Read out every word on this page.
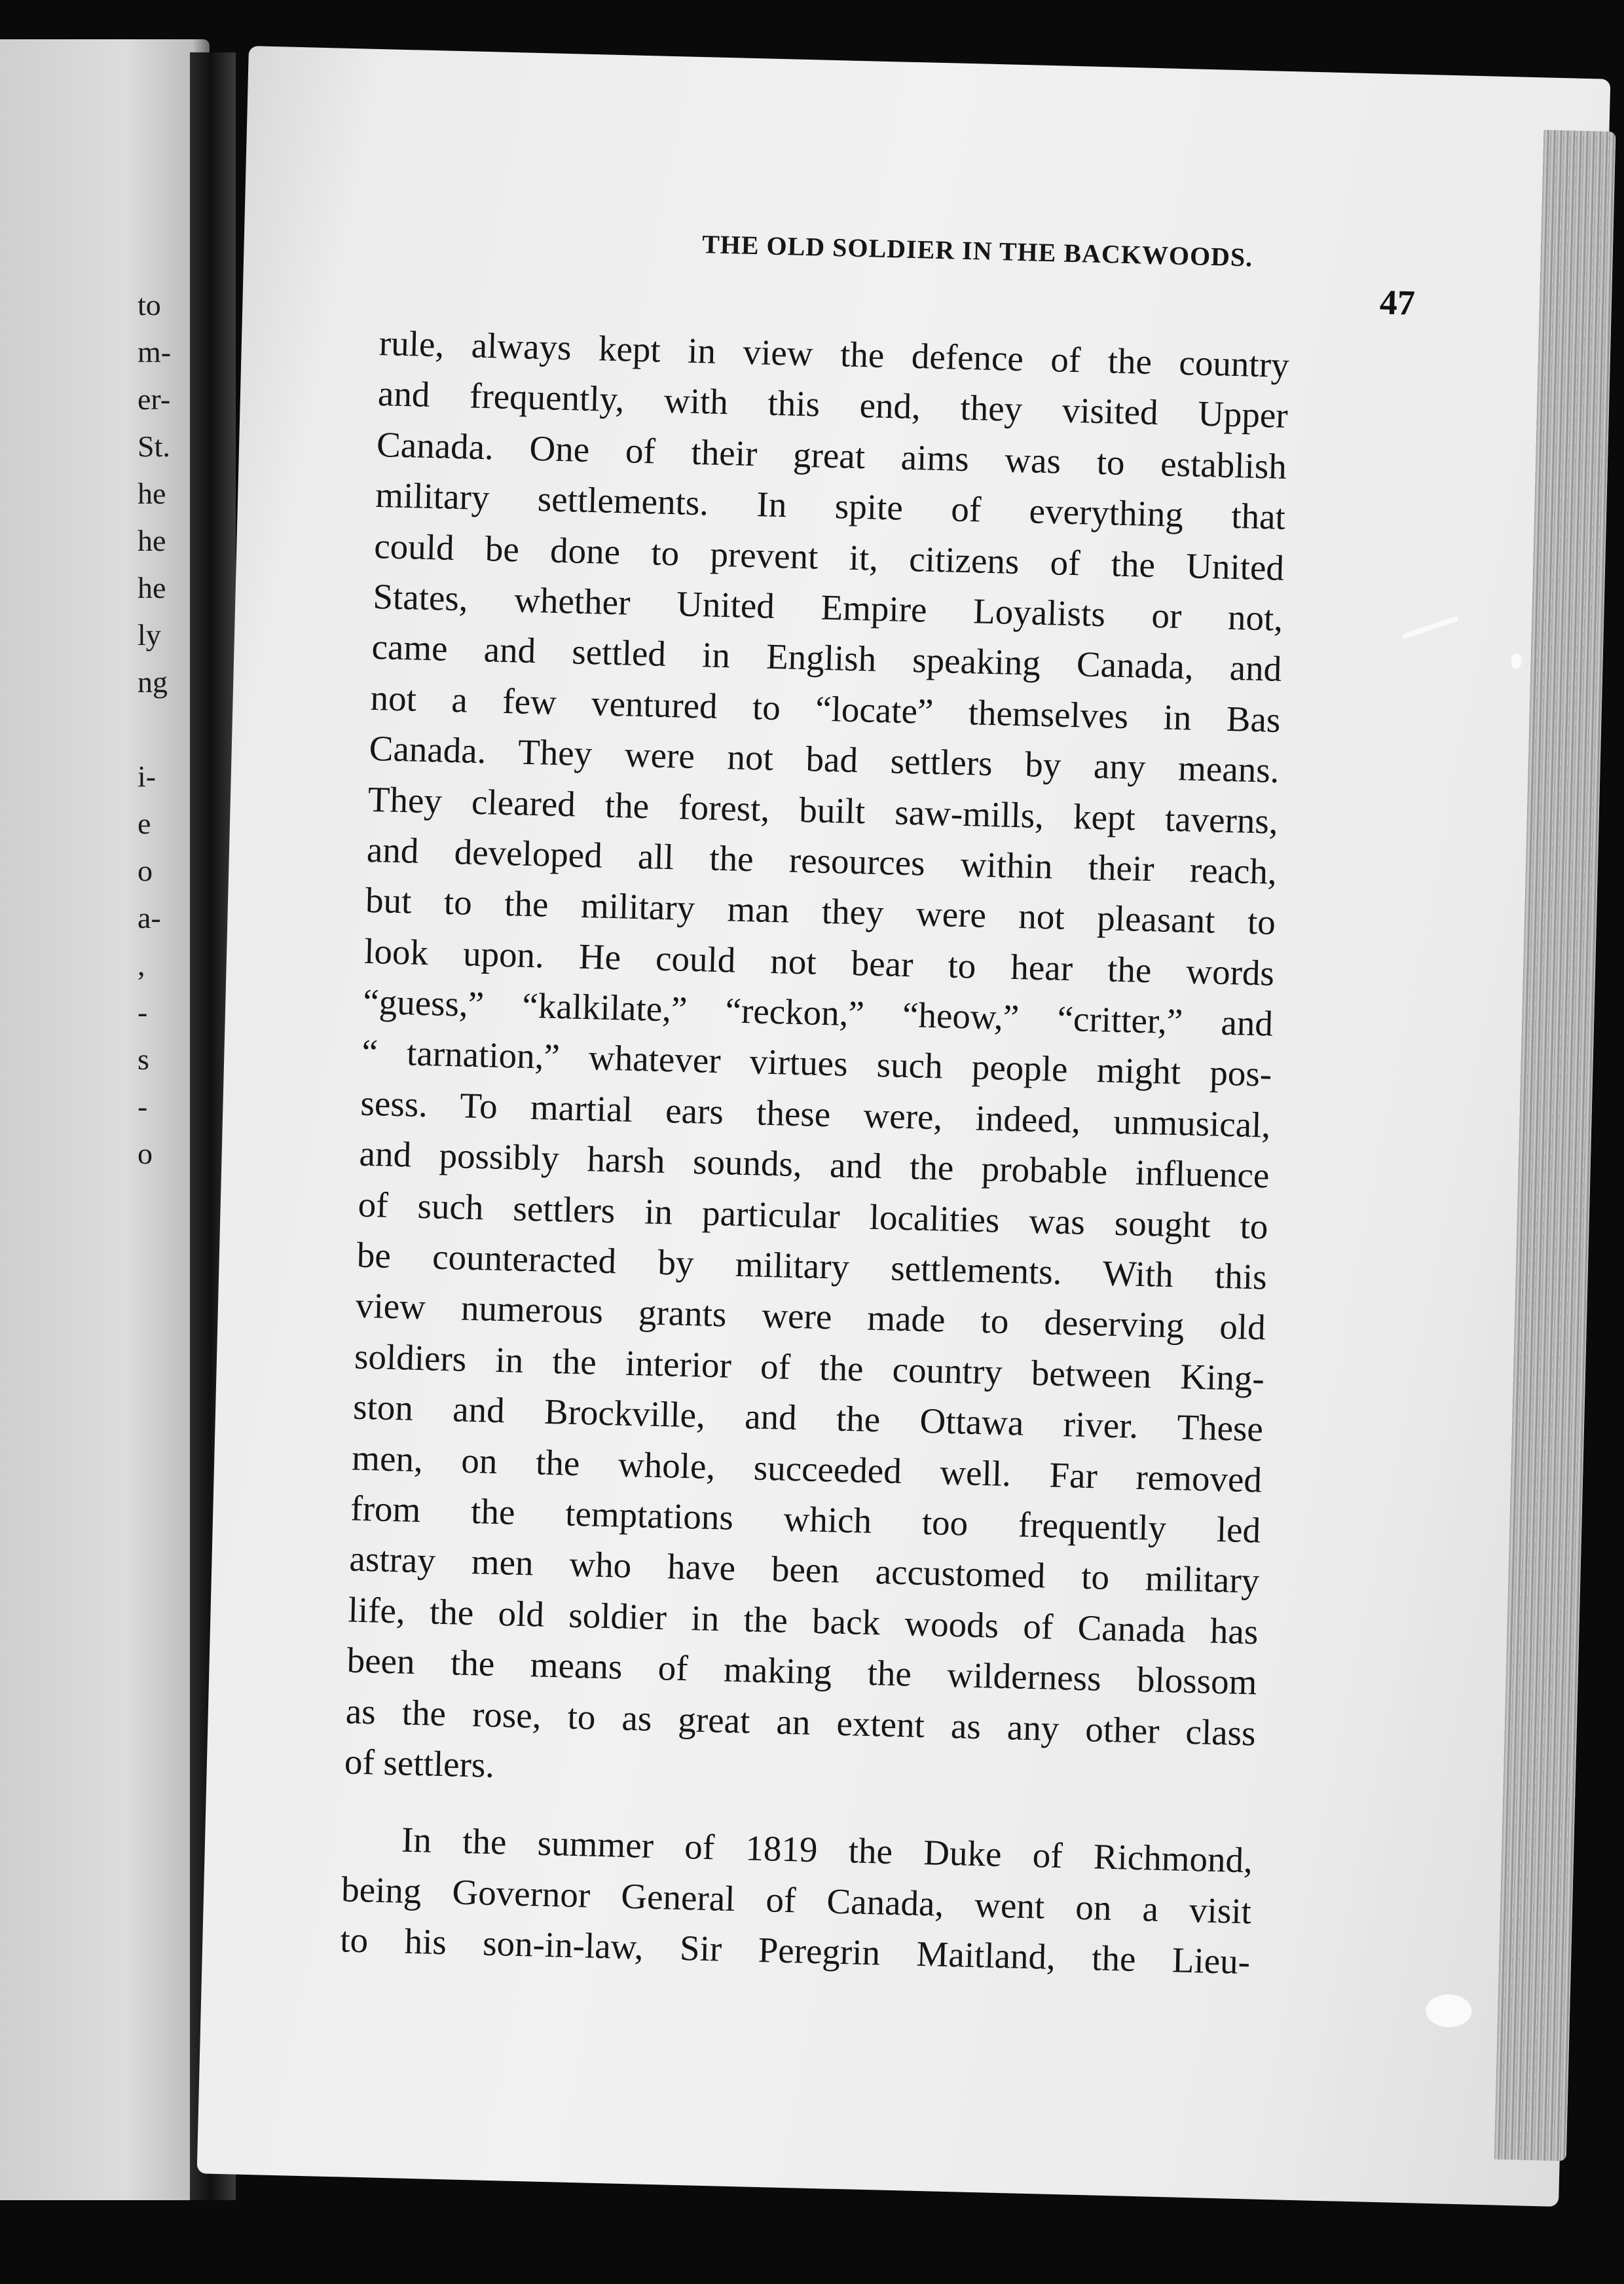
to
m-
er-
St.
he
he
he
ly
ng
i-
e
o
a-
,
-
s
-
o
THE OLD SOLDIER IN THE BACKWOODS.
47
rule, always kept in view the defence of the country
and frequently, with this end, they visited Upper
Canada. One of their great aims was to establish
military settlements. In spite of everything that
could be done to prevent it, citizens of the United
States, whether United Empire Loyalists or not,
came and settled in English speaking Canada, and
not a few ventured to “locate” themselves in Bas
Canada. They were not bad settlers by any means.
They cleared the forest, built saw-mills, kept taverns,
and developed all the resources within their reach,
but to the military man they were not pleasant to
look upon. He could not bear to hear the words
“guess,” “kalkilate,” “reckon,” “heow,” “critter,” and
“ tarnation,” whatever virtues such people might pos-
sess. To martial ears these were, indeed, unmusical,
and possibly harsh sounds, and the probable influence
of such settlers in particular localities was sought to
be counteracted by military settlements. With this
view numerous grants were made to deserving old
soldiers in the interior of the country between King-
ston and Brockville, and the Ottawa river. These
men, on the whole, succeeded well. Far removed
from the temptations which too frequently led
astray men who have been accustomed to military
life, the old soldier in the back woods of Canada has
been the means of making the wilderness blossom
as the rose, to as great an extent as any other class
of settlers.
In the summer of 1819 the Duke of Richmond,
being Governor General of Canada, went on a visit
to his son-in-law, Sir Peregrin Maitland, the Lieu-
